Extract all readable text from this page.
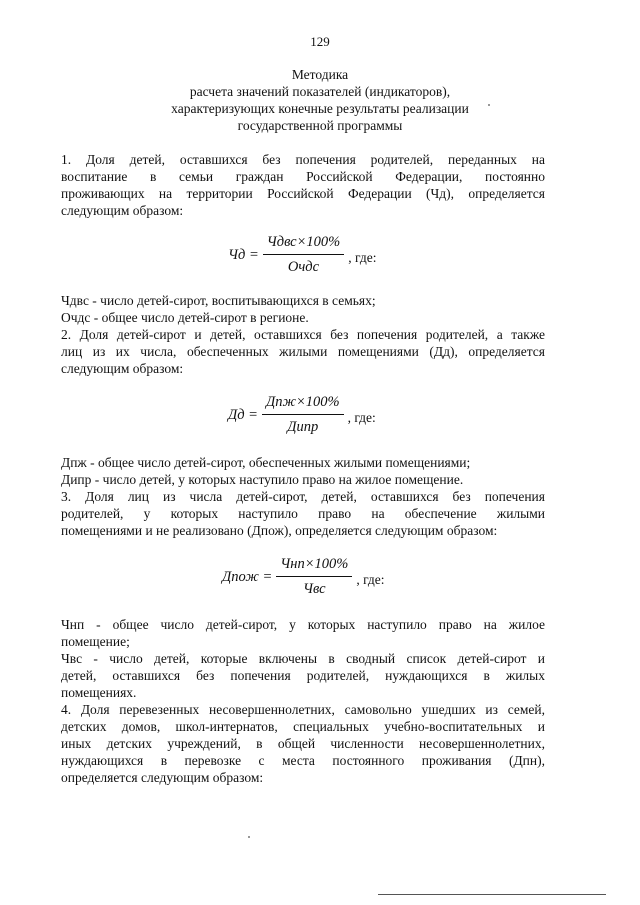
129
Методика
расчета значений показателей (индикаторов),
характеризующих конечные результаты реализации
государственной программы
1. Доля детей, оставшихся без попечения родителей, переданных на
воспитание в семьи граждан Российской Федерации, постоянно
проживающих на территории Российской Федерации (Чд), определяется
следующим образом:
Чд = $\frac{\text{Чдвс×100\%}}{\text{Очдс}}$ , где:
Чдвс - число детей-сирот, воспитывающихся в семьях;
Очдс - общее число детей-сирот в регионе.
2. Доля детей-сирот и детей, оставшихся без попечения родителей, а также
лиц из их числа, обеспеченных жилыми помещениями (Дд), определяется
следующим образом:
Дд = $\frac{\text{Дпж×100\%}}{\text{Дипр}}$ , где:
Дпж - общее число детей-сирот, обеспеченных жилыми помещениями;
Дипр - число детей, у которых наступило право на жилое помещение.
3. Доля лиц из числа детей-сирот, детей, оставшихся без попечения
родителей, у которых наступило право на обеспечение жилыми
помещениями и не реализовано (Дпож), определяется следующим образом:
Дпож = $\frac{\text{Чнп×100\%}}{\text{Чвс}}$ , где:
Чнп - общее число детей-сирот, у которых наступило право на жилое
помещение;
Чвс - число детей, которые включены в сводный список детей-сирот и
детей, оставшихся без попечения родителей, нуждающихся в жилых
помещениях.
4. Доля перевезенных несовершеннолетних, самовольно ушедших из семей,
детских домов, школ-интернатов, специальных учебно-воспитательных и
иных детских учреждений, в общей численности несовершеннолетних,
нуждающихся в перевозке с места постоянного проживания (Дпн),
определяется следующим образом:
